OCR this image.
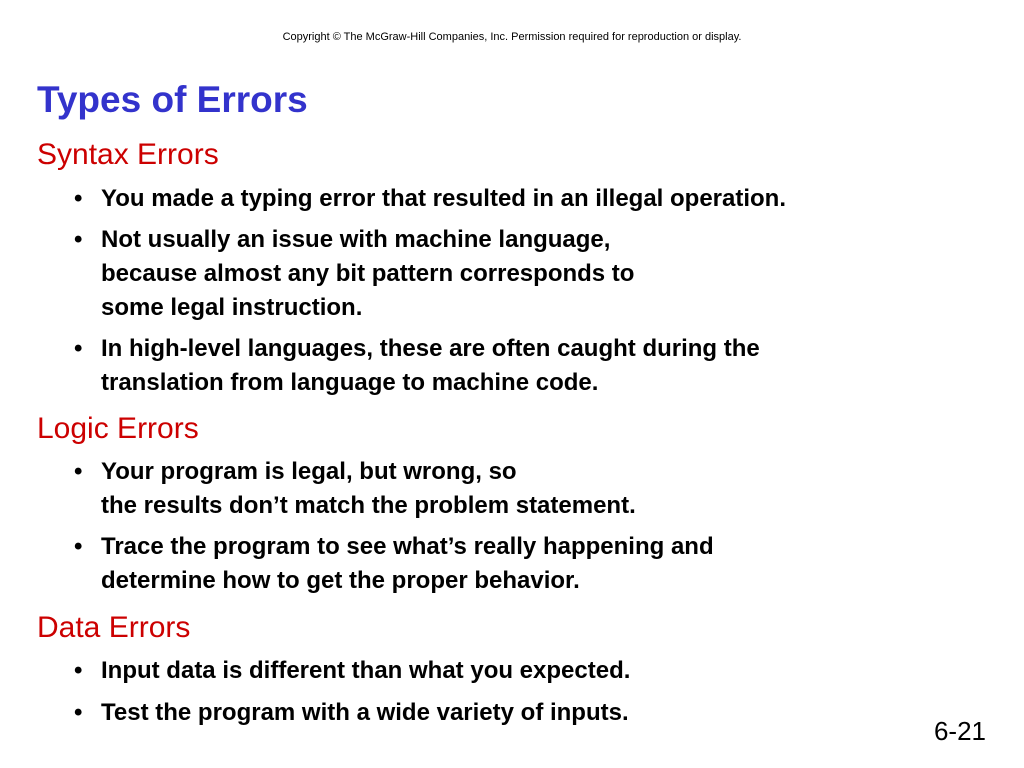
Copyright © The McGraw-Hill Companies, Inc. Permission required for reproduction or display.
Types of Errors
Syntax Errors
• You made a typing error that resulted in an illegal operation.
• Not usually an issue with machine language,
because almost any bit pattern corresponds to
some legal instruction.
• In high-level languages, these are often caught during the
translation from language to machine code.
Logic Errors
• Your program is legal, but wrong, so
the results don’t match the problem statement.
• Trace the program to see what’s really happening and
determine how to get the proper behavior.
Data Errors
• Input data is different than what you expected.
• Test the program with a wide variety of inputs.
6-21
